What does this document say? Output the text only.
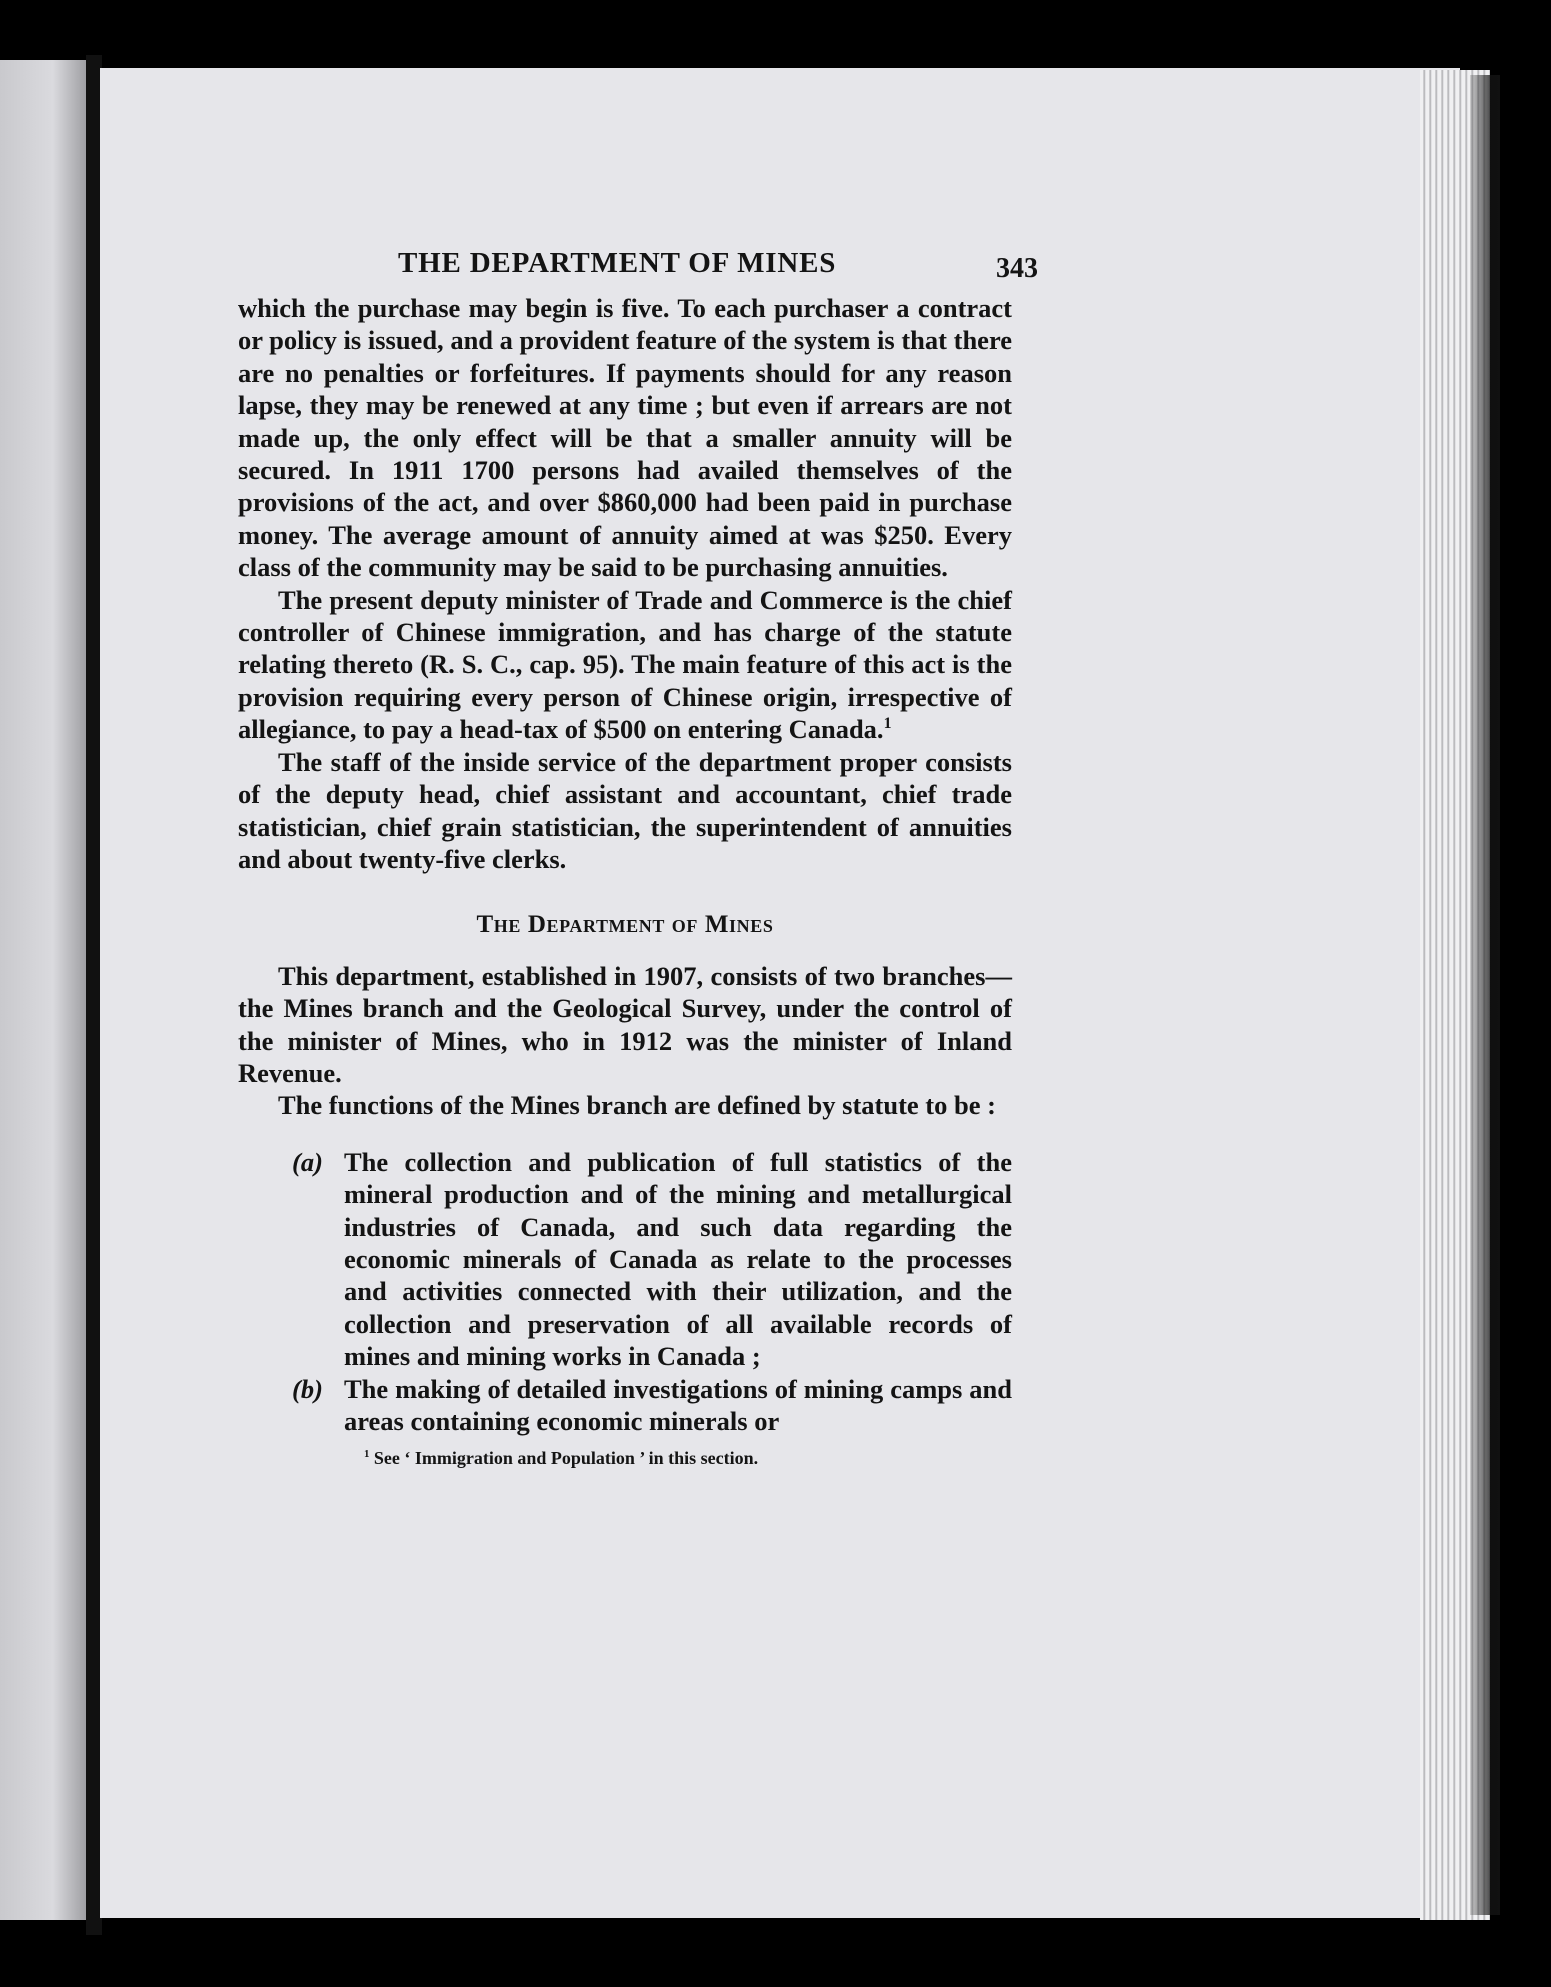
THE DEPARTMENT OF MINES	343

which the purchase may begin is five. To each purchaser a contract or policy is issued, and a provident feature of the system is that there are no penalties or forfeitures. If payments should for any reason lapse, they may be renewed at any time ; but even if arrears are not made up, the only effect will be that a smaller annuity will be secured. In 1911 1700 persons had availed themselves of the provisions of the act, and over $860,000 had been paid in purchase money. The average amount of annuity aimed at was $250. Every class of the community may be said to be purchasing annuities.

The present deputy minister of Trade and Commerce is the chief controller of Chinese immigration, and has charge of the statute relating thereto (R. S. C., cap. 95). The main feature of this act is the provision requiring every person of Chinese origin, irrespective of allegiance, to pay a head-tax of $500 on entering Canada.$^1$

The staff of the inside service of the department proper consists of the deputy head, chief assistant and accountant, chief trade statistician, chief grain statistician, the superintendent of annuities and about twenty-five clerks.

The Department of Mines

This department, established in 1907, consists of two branches—the Mines branch and the Geological Survey, under the control of the minister of Mines, who in 1912 was the minister of Inland Revenue.

The functions of the Mines branch are defined by statute to be :

(a) The collection and publication of full statistics of the mineral production and of the mining and metallurgical industries of Canada, and such data regarding the economic minerals of Canada as relate to the processes and activities connected with their utilization, and the collection and preservation of all available records of mines and mining works in Canada ;
(b) The making of detailed investigations of mining camps and areas containing economic minerals or
$^1$ See ‘ Immigration and Population ’ in this section.
